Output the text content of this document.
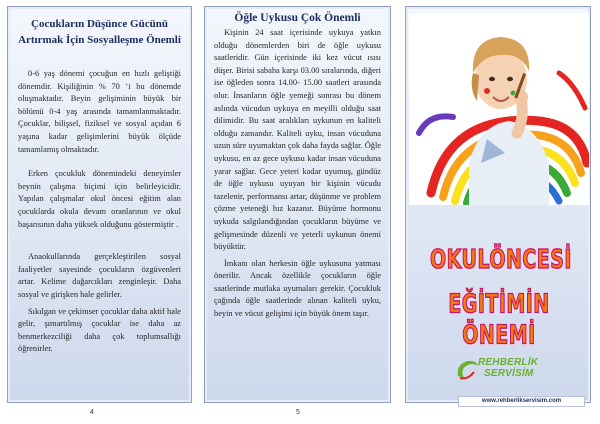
Çocukların Düşünce Gücünü
Artırmak İçin Sosyalleşme Önemli

0-6 yaş dönemi çocuğun en hızlı geliştiği dönemdir. Kişiliğinin % 70 ‘i bu dönemde oluşmaktadır. Beyin gelişiminin büyük bir bölümü 0-4 yaş arasında tamamlanmaktadır. Çocuklar, bilişsel, fiziksel ve sosyal açıdan 6 yaşına kadar gelişimlerini büyük ölçüde tamamlamış olmaktadır.

Erken çocukluk dönemindeki deneyimler beynin çalışma biçimi için belirleyicidir. Yapılan çalışmalar okul öncesi eğitim alan çocuklarda okula devam oranlarının ve okul başarısının daha yüksek olduğunu göstermiştir .

Anaokullarında gerçekleştirilen sosyal faaliyetler sayesinde çocukların özgüvenleri artar. Kelime dağarcıkları zenginleşir. Daha sosyal ve girişken hale gelirler.

Sıkılgan ve çekimser çocuklar daha aktif hale gelir, şımartılmış çocuklar ise daha az benmerkezciliği daha çok toplumsallığı öğrenirler.

4
Öğle Uykusu Çok Önemli

Kişinin 24 saat içerisinde uykuya yatkın olduğu dönemlerden biri de öğle uykusu saatleridir. Gün içerisinde iki kez vücut ısısı düşer. Birisi sabaha karşı 03.00 sıralarında, diğeri ise öğleden sonra 14.00- 15.00 saatleri arasında olur. İnsanların öğle yemeği sonrası bu dönem aslında vücudun uykuya en meyilli olduğu saat dilimidir. Bu saat aralıkları uykunun en kaliteli olduğu zamandır. Kaliteli uyku, insan vücuduna uzun süre uyumaktan çok daha fayda sağlar. Öğle uykusu, en az gece uykusu kadar insan vücuduna yarar sağlar. Gece yeteri kadar uyumuş, gündüz de öğle uykusu uyuyan bir kişinin vücudu tazelenir, performansı artar, düşünme ve problem çözme yeteneği hız kazanır. Büyüme hormonu uykuda salgılandığından çocukların büyüme ve gelişmesinde düzenli ve yeterli uykunun önemi büyüktür.

İmkanı olan herkesin öğle uykusuna yatması önerilir. Ancak özellikle çocukların öğle saatlerinde mutlaka uyumaları gerekir. Çocukluk çağında öğle saatlerinde alınan kaliteli uyku, beyin ve vücut gelişimi için büyük önem taşır.

5
OKULÖNCESİ
EĞİTİMİN ÖNEMİ
REHBERLİK
SERVİSİM
www.rehberlikservisim.com
